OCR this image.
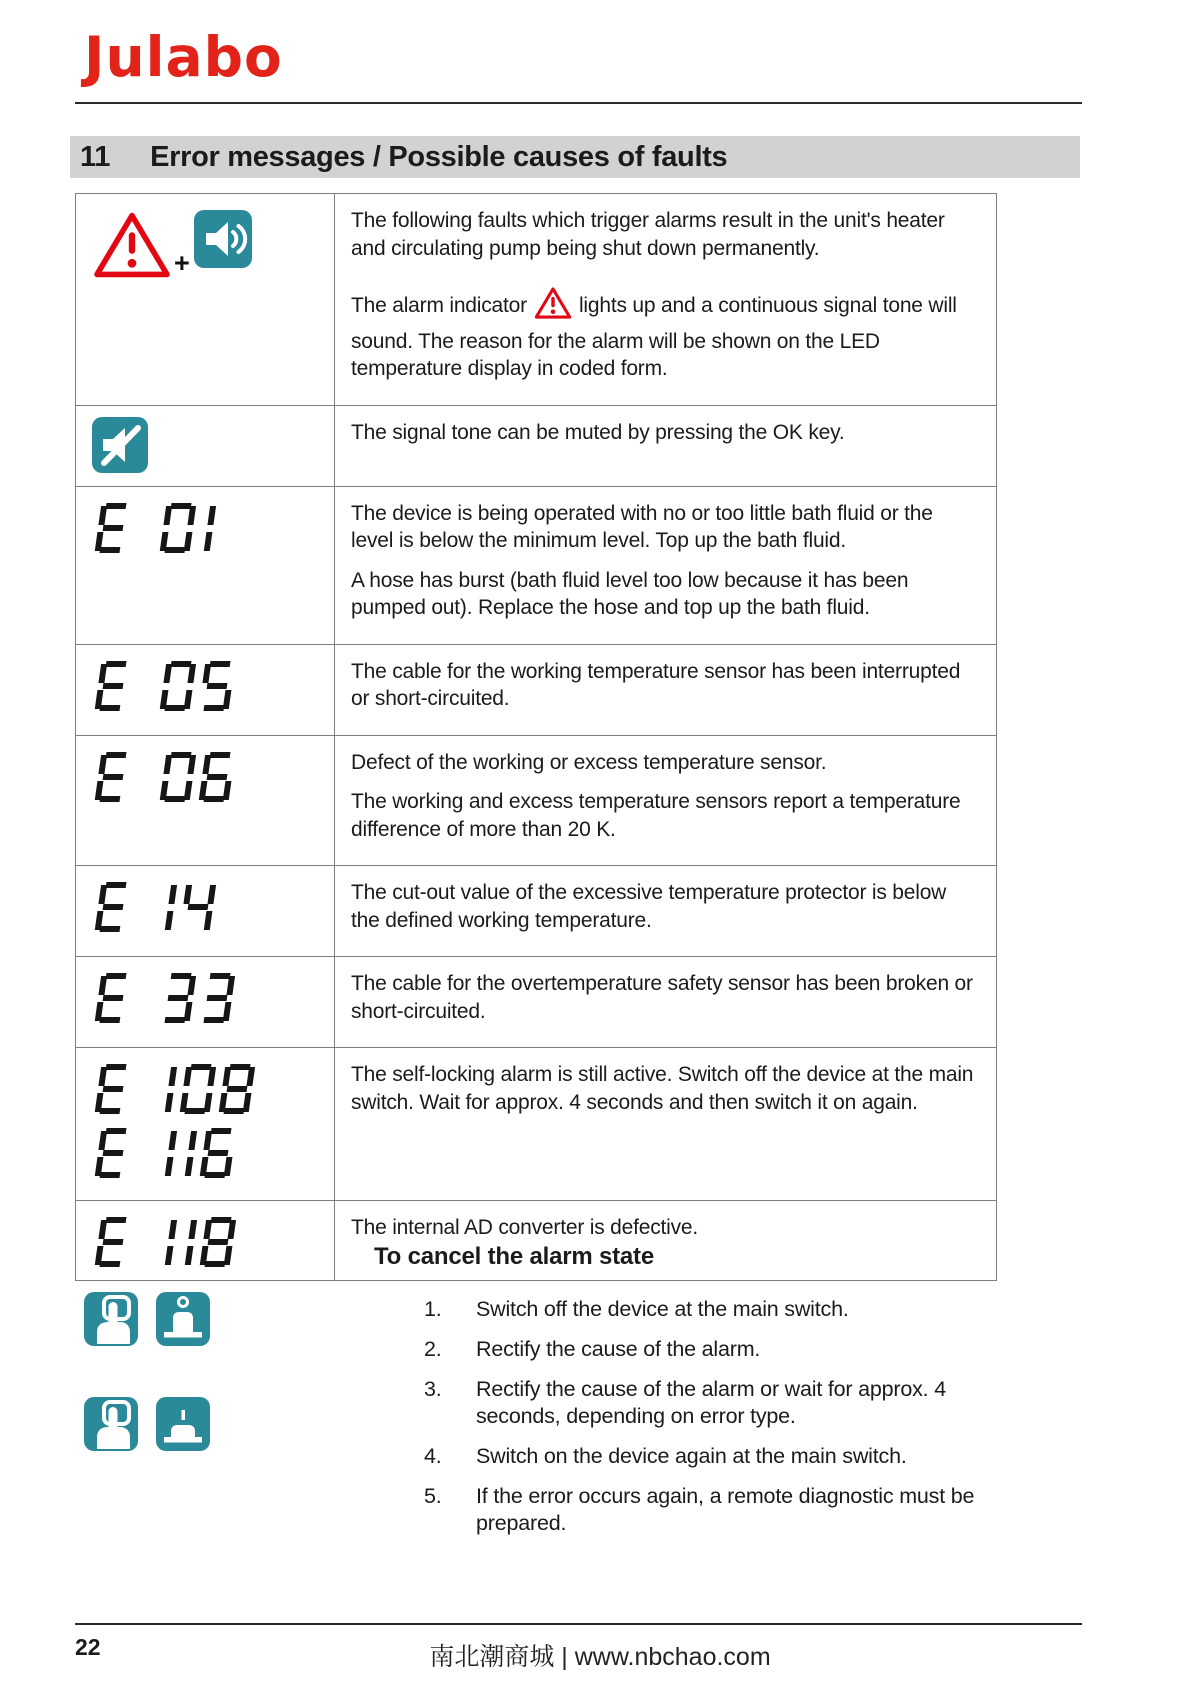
Julabo
11 Error messages / Possible causes of faults
+

The following faults which trigger alarms result in the unit's heater and circulating pump being shut down permanently.

The alarm indicator lights up and a continuous signal tone will sound. The reason for the alarm will be shown on the LED temperature display in coded form.

The signal tone can be muted by pressing the OK key.

The device is being operated with no or too little bath fluid or the level is below the minimum level. Top up the bath fluid.

A hose has burst (bath fluid level too low because it has been pumped out). Replace the hose and top up the bath fluid.

The cable for the working temperature sensor has been interrupted or short-circuited.

Defect of the working or excess temperature sensor.

The working and excess temperature sensors report a temperature difference of more than 20 K.

The cut-out value of the excessive temperature protector is below the defined working temperature.

The cable for the overtemperature safety sensor has been broken or short-circuited.

The self-locking alarm is still active. Switch off the device at the main switch. Wait for approx. 4 seconds and then switch it on again.

The internal AD converter is defective.

To cancel the alarm state
1.	Switch off the device at the main switch.
2.	Rectify the cause of the alarm.
3.	Rectify the cause of the alarm or wait for approx. 4 seconds, depending on error type.
4.	Switch on the device again at the main switch.
5.	If the error occurs again, a remote diagnostic must be prepared.
22	南北潮商城 | www.nbchao.com
